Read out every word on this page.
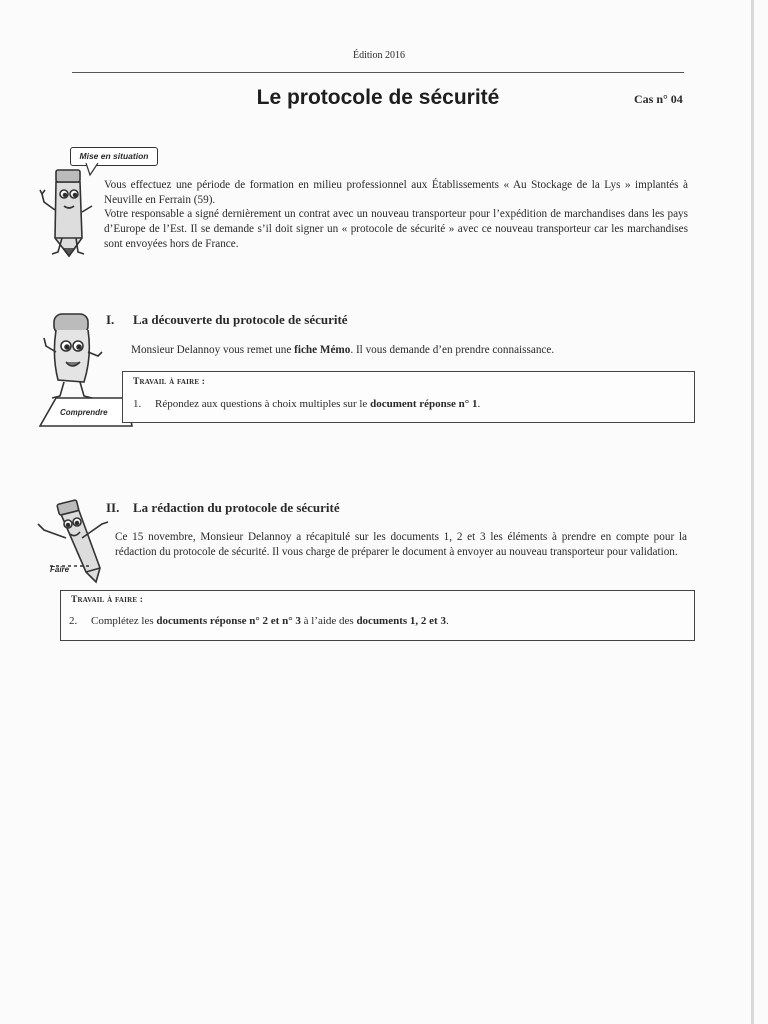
Édition 2016
Le protocole de sécurité	Cas n° 04
Mise en situation
Vous effectuez une période de formation en milieu professionnel aux Établissements « Au Stockage de la Lys » implantés à Neuville en Ferrain (59).
Votre responsable a signé dernièrement un contrat avec un nouveau transporteur pour l’expédition de marchandises dans les pays d’Europe de l’Est. Il se demande s’il doit signer un « protocole de sécurité » avec ce nouveau transporteur car les marchandises sont envoyées hors de France.
Comprendre
I. La découverte du protocole de sécurité
Monsieur Delannoy vous remet une fiche Mémo. Il vous demande d’en prendre connaissance.
Travail à faire :
1. Répondez aux questions à choix multiples sur le document réponse n° 1.
Faire
II. La rédaction du protocole de sécurité
Ce 15 novembre, Monsieur Delannoy a récapitulé sur les documents 1, 2 et 3 les éléments à prendre en compte pour la rédaction du protocole de sécurité. Il vous charge de préparer le document à envoyer au nouveau transporteur pour validation.
Travail à faire :
2. Complétez les documents réponse n° 2 et n° 3 à l’aide des documents 1, 2 et 3.
